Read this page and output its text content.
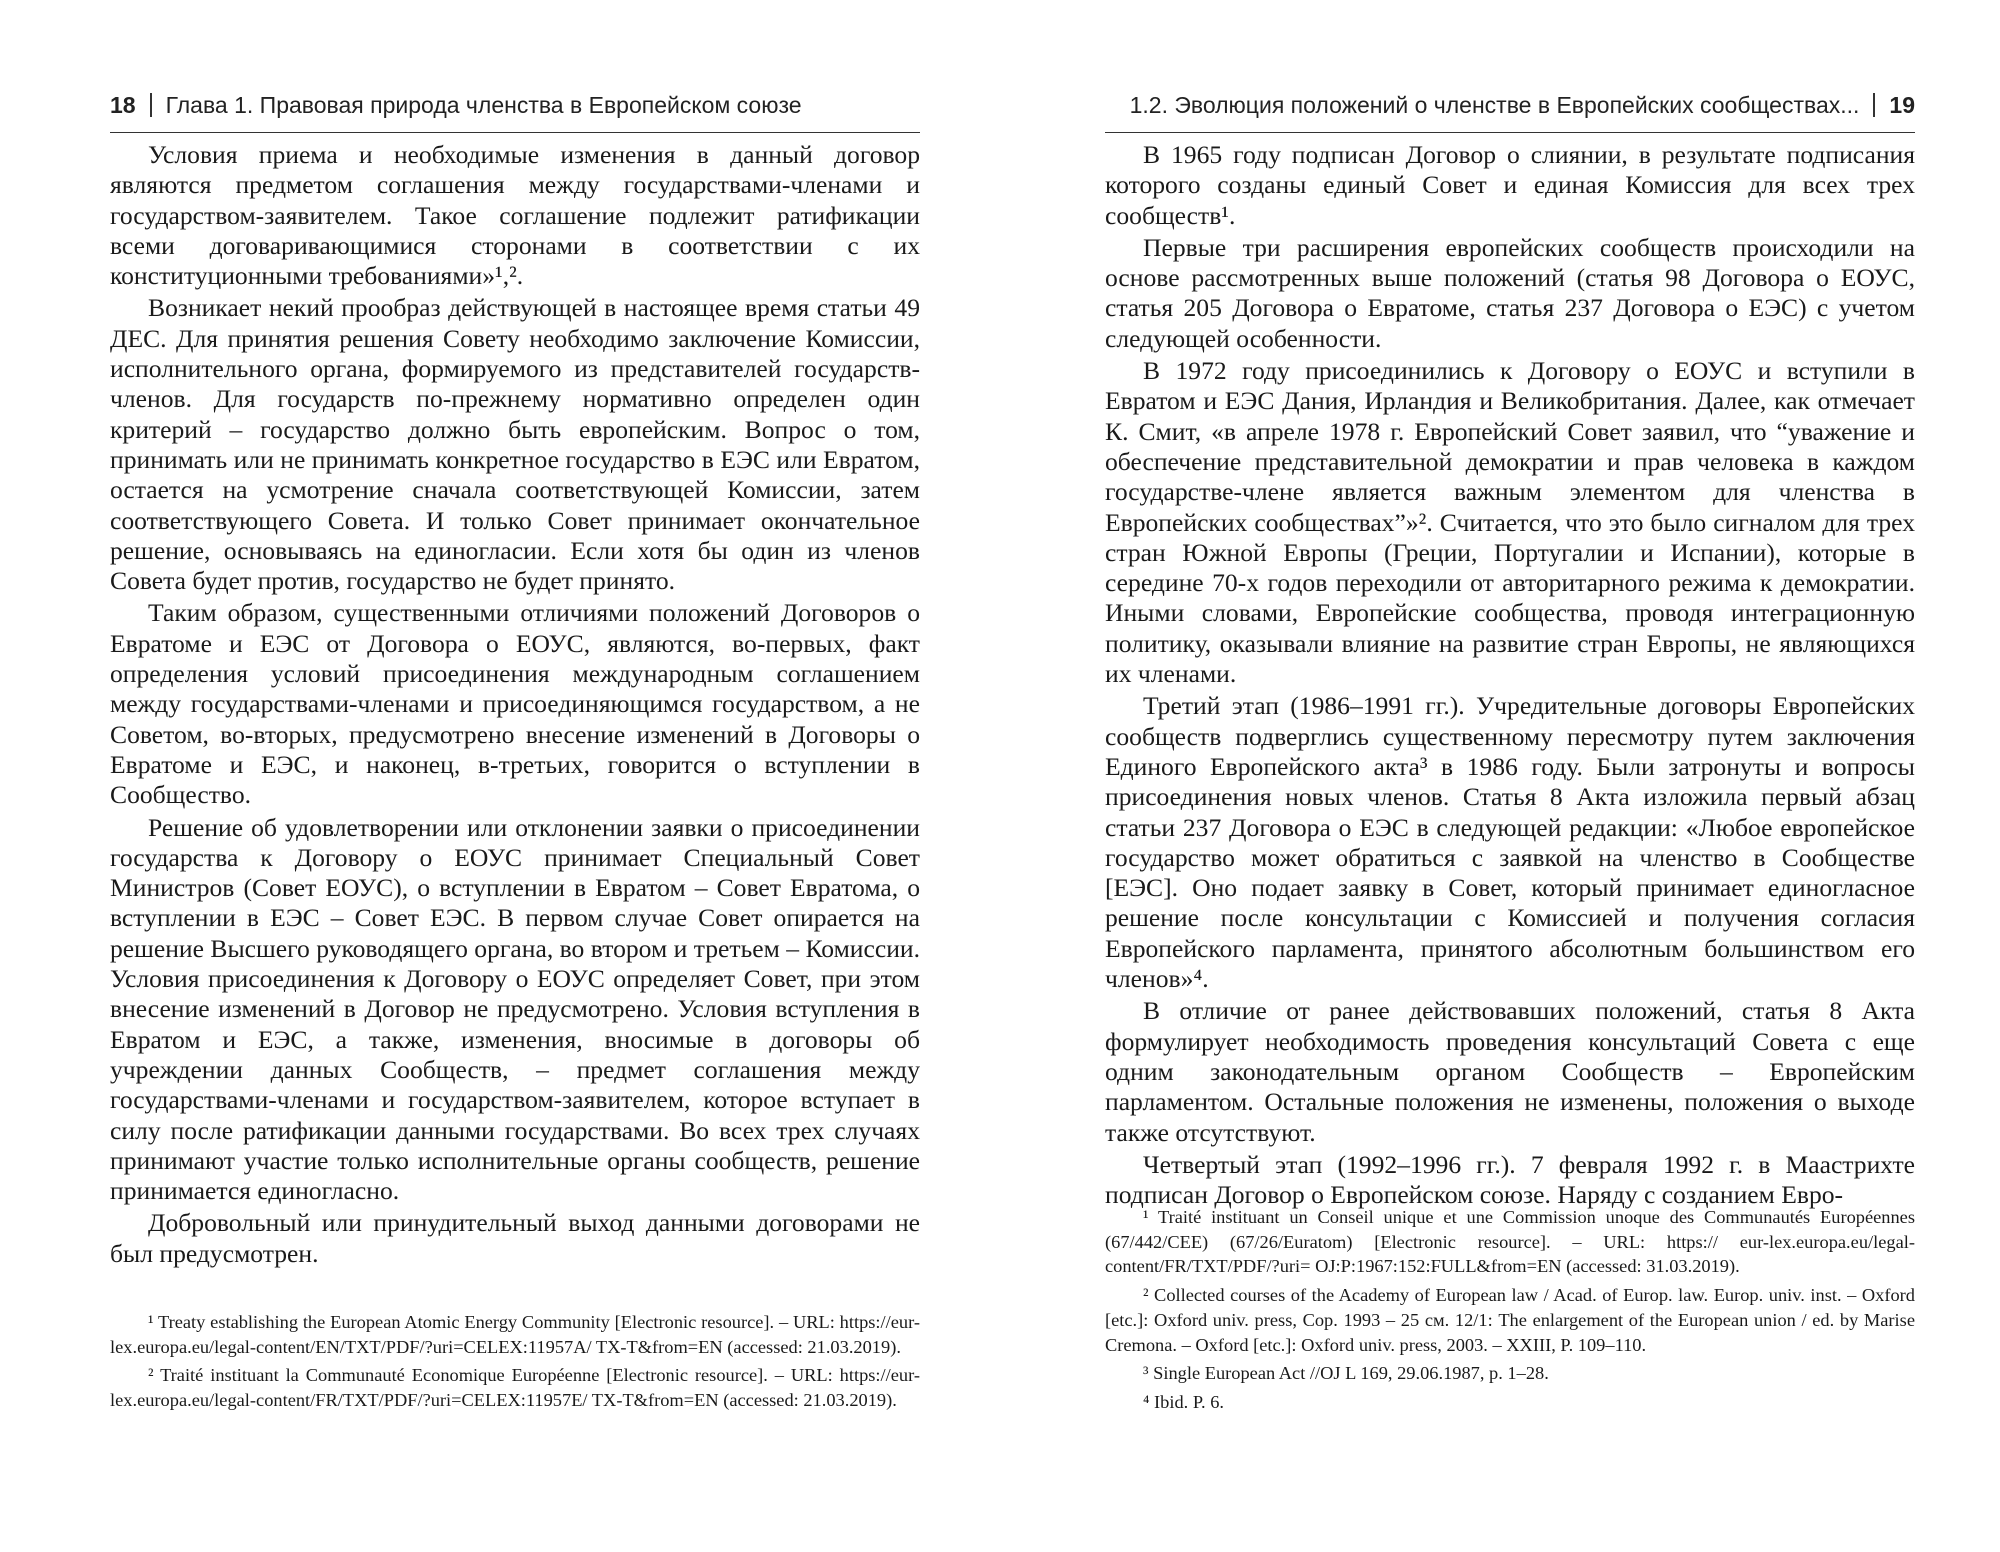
18 Глава 1. Правовая природа членства в Европейском союзе

Условия приема и необходимые изменения в данный договор являются предметом соглашения между государствами-членами и государством-заявителем. Такое соглашение подлежит ратификации всеми договаривающимися сторонами в соответствии с их конституционными требованиями»¹,².

Возникает некий прообраз действующей в настоящее время статьи 49 ДЕС. Для принятия решения Совету необходимо заключение Комиссии, исполнительного органа, формируемого из представителей государств-членов. Для государств по-прежнему нормативно определен один критерий – государство должно быть европейским. Вопрос о том, принимать или не принимать конкретное государство в ЕЭС или Евратом, остается на усмотрение сначала соответствующей Комиссии, затем соответствующего Совета. И только Совет принимает окончательное решение, основываясь на единогласии. Если хотя бы один из членов Совета будет против, государство не будет принято.

Таким образом, существенными отличиями положений Договоров о Евратоме и ЕЭС от Договора о ЕОУС, являются, во-первых, факт определения условий присоединения международным соглашением между государствами-членами и присоединяющимся государством, а не Советом, во-вторых, предусмотрено внесение изменений в Договоры о Евратоме и ЕЭС, и наконец, в-третьих, говорится о вступлении в Сообщество.

Решение об удовлетворении или отклонении заявки о присоединении государства к Договору о ЕОУС принимает Специальный Совет Министров (Совет ЕОУС), о вступлении в Евратом – Совет Евратома, о вступлении в ЕЭС – Совет ЕЭС. В первом случае Совет опирается на решение Высшего руководящего органа, во втором и третьем – Комиссии. Условия присоединения к Договору о ЕОУС определяет Совет, при этом внесение изменений в Договор не предусмотрено. Условия вступления в Евратом и ЕЭС, а также, изменения, вносимые в договоры об учреждении данных Сообществ, – предмет соглашения между государствами-членами и государством-заявителем, которое вступает в силу после ратификации данными государствами. Во всех трех случаях принимают участие только исполнительные органы сообществ, решение принимается единогласно.

Добровольный или принудительный выход данными договорами не был предусмотрен.

¹ Treaty establishing the European Atomic Energy Community [Electronic resource]. – URL: https://eur-lex.europa.eu/legal-content/EN/TXT/PDF/?uri=CELEX:11957A/ TX-T&from=EN (accessed: 21.03.2019).

² Traité instituant la Communauté Economique Européenne [Electronic resource]. – URL: https://eur-lex.europa.eu/legal-content/FR/TXT/PDF/?uri=CELEX:11957E/ TX-T&from=EN (accessed: 21.03.2019).

1.2. Эволюция положений о членстве в Европейских сообществах... 19

В 1965 году подписан Договор о слиянии, в результате подписания которого созданы единый Совет и единая Комиссия для всех трех сообществ¹.

Первые три расширения европейских сообществ происходили на основе рассмотренных выше положений (статья 98 Договора о ЕОУС, статья 205 Договора о Евратоме, статья 237 Договора о ЕЭС) с учетом следующей особенности.

В 1972 году присоединились к Договору о ЕОУС и вступили в Евратом и ЕЭС Дания, Ирландия и Великобритания. Далее, как отмечает К. Смит, «в апреле 1978 г. Европейский Совет заявил, что “уважение и обеспечение представительной демократии и прав человека в каждом государстве-члене является важным элементом для членства в Европейских сообществах”»². Считается, что это было сигналом для трех стран Южной Европы (Греции, Португалии и Испании), которые в середине 70-х годов переходили от авторитарного режима к демократии. Иными словами, Европейские сообщества, проводя интеграционную политику, оказывали влияние на развитие стран Европы, не являющихся их членами.

Третий этап (1986–1991 гг.). Учредительные договоры Европейских сообществ подверглись существенному пересмотру путем заключения Единого Европейского акта³ в 1986 году. Были затронуты и вопросы присоединения новых членов. Статья 8 Акта изложила первый абзац статьи 237 Договора о ЕЭС в следующей редакции: «Любое европейское государство может обратиться с заявкой на членство в Сообществе [ЕЭС]. Оно подает заявку в Совет, который принимает единогласное решение после консультации с Комиссией и получения согласия Европейского парламента, принятого абсолютным большинством его членов»⁴.

В отличие от ранее действовавших положений, статья 8 Акта формулирует необходимость проведения консультаций Совета с еще одним законодательным органом Сообществ – Европейским парламентом. Остальные положения не изменены, положения о выходе также отсутствуют.

Четвертый этап (1992–1996 гг.). 7 февраля 1992 г. в Маастрихте подписан Договор о Европейском союзе. Наряду с созданием Евро-

¹ Traité instituant un Conseil unique et une Commission unoque des Communautés Européennes (67/442/CEE) (67/26/Euratom) [Electronic resource]. – URL: https:// eur-lex.europa.eu/legal-content/FR/TXT/PDF/?uri= OJ:P:1967:152:FULL&from=EN (accessed: 31.03.2019).

² Collected courses of the Academy of European law / Acad. of Europ. law. Europ. univ. inst. – Oxford [etc.]: Oxford univ. press, Cop. 1993 – 25 см. 12/1: The enlargement of the European union / ed. by Marise Cremona. – Oxford [etc.]: Oxford univ. press, 2003. – XXIII, P. 109–110.

³ Single European Act //OJ L 169, 29.06.1987, p. 1–28.

⁴ Ibid. P. 6.
